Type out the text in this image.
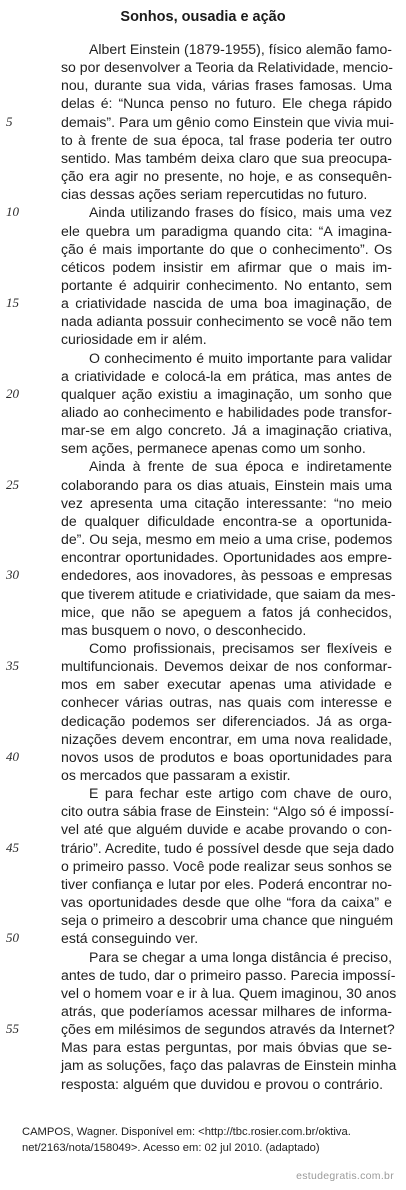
Sonhos, ousadia e ação
Albert Einstein (1879-1955), físico alemão famo-
so por desenvolver a Teoria da Relatividade, mencio-
nou, durante sua vida, várias frases famosas. Uma
delas é: “Nunca penso no futuro. Ele chega rápido
demais”. Para um gênio como Einstein que vivia mui-
to à frente de sua época, tal frase poderia ter outro
sentido. Mas também deixa claro que sua preocupa-
ção era agir no presente, no hoje, e as consequên-
cias dessas ações seriam repercutidas no futuro.
Ainda utilizando frases do físico, mais uma vez
ele quebra um paradigma quando cita: “A imagina-
ção é mais importante do que o conhecimento”. Os
céticos podem insistir em afirmar que o mais im-
portante é adquirir conhecimento. No entanto, sem
a criatividade nascida de uma boa imaginação, de
nada adianta possuir conhecimento se você não tem
curiosidade em ir além.
O conhecimento é muito importante para validar
a criatividade e colocá-la em prática, mas antes de
qualquer ação existiu a imaginação, um sonho que
aliado ao conhecimento e habilidades pode transfor-
mar-se em algo concreto. Já a imaginação criativa,
sem ações, permanece apenas como um sonho.
Ainda à frente de sua época e indiretamente
colaborando para os dias atuais, Einstein mais uma
vez apresenta uma citação interessante: “no meio
de qualquer dificuldade encontra-se a oportunida-
de”. Ou seja, mesmo em meio a uma crise, podemos
encontrar oportunidades. Oportunidades aos empre-
endedores, aos inovadores, às pessoas e empresas
que tiverem atitude e criatividade, que saiam da mes-
mice, que não se apeguem a fatos já conhecidos,
mas busquem o novo, o desconhecido.
Como profissionais, precisamos ser flexíveis e
multifuncionais. Devemos deixar de nos conformar-
mos em saber executar apenas uma atividade e
conhecer várias outras, nas quais com interesse e
dedicação podemos ser diferenciados. Já as orga-
nizações devem encontrar, em uma nova realidade,
novos usos de produtos e boas oportunidades para
os mercados que passaram a existir.
E para fechar este artigo com chave de ouro,
cito outra sábia frase de Einstein: “Algo só é impossí-
vel até que alguém duvide e acabe provando o con-
trário”. Acredite, tudo é possível desde que seja dado
o primeiro passo. Você pode realizar seus sonhos se
tiver confiança e lutar por eles. Poderá encontrar no-
vas oportunidades desde que olhe “fora da caixa” e
seja o primeiro a descobrir uma chance que ninguém
está conseguindo ver.
Para se chegar a uma longa distância é preciso,
antes de tudo, dar o primeiro passo. Parecia impossí-
vel o homem voar e ir à lua. Quem imaginou, 30 anos
atrás, que poderíamos acessar milhares de informa-
ções em milésimos de segundos através da Internet?
Mas para estas perguntas, por mais óbvias que se-
jam as soluções, faço das palavras de Einstein minha
resposta: alguém que duvidou e provou o contrário.
5
10
15
20
25
30
35
40
45
50
55
CAMPOS, Wagner. Disponível em: <http://tbc.rosier.com.br/oktiva.
net/2163/nota/158049>. Acesso em: 02 jul 2010. (adaptado)
estudegratis.com.br
